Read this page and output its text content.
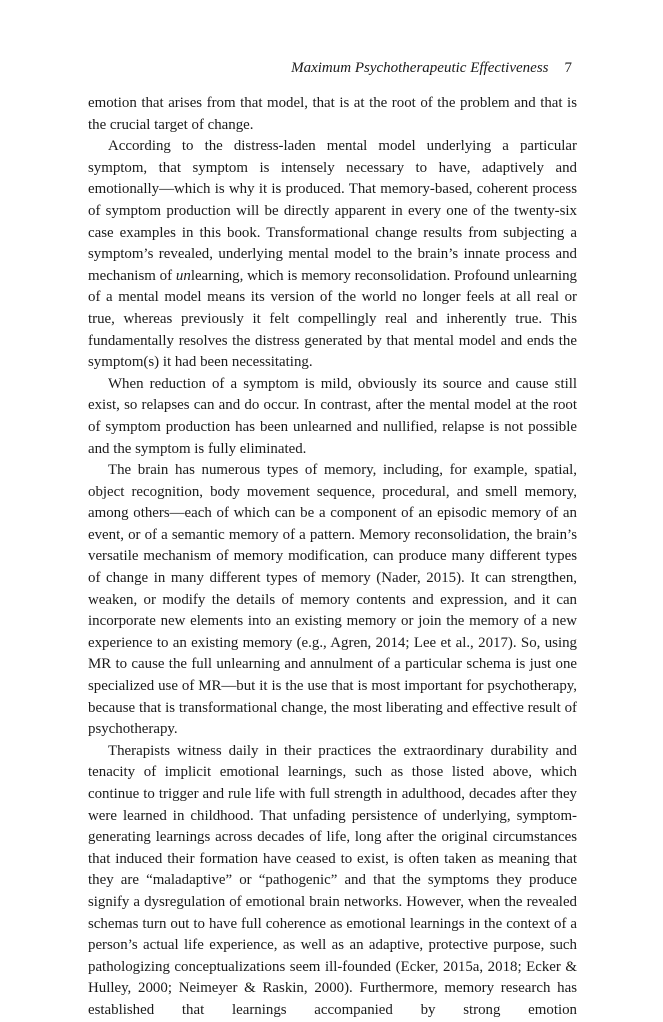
Maximum Psychotherapeutic Effectiveness 7

emotion that arises from that model, that is at the root of the problem and that is the crucial target of change.

According to the distress-laden mental model underlying a particular symptom, that symptom is intensely necessary to have, adaptively and emotionally—which is why it is produced. That memory-based, coherent process of symptom production will be directly apparent in every one of the twenty-six case examples in this book. Transformational change results from subjecting a symptom’s revealed, underlying mental model to the brain’s innate process and mechanism of unlearning, which is memory reconsolidation. Profound unlearning of a mental model means its version of the world no longer feels at all real or true, whereas previously it felt compellingly real and inherently true. This fundamentally resolves the distress generated by that mental model and ends the symptom(s) it had been necessitating.

When reduction of a symptom is mild, obviously its source and cause still exist, so relapses can and do occur. In contrast, after the mental model at the root of symptom production has been unlearned and nullified, relapse is not possible and the symptom is fully eliminated.

The brain has numerous types of memory, including, for example, spatial, object recognition, body movement sequence, procedural, and smell memory, among others—each of which can be a component of an episodic memory of an event, or of a semantic memory of a pattern. Memory reconsolidation, the brain’s versatile mechanism of memory modification, can produce many different types of change in many different types of memory (Nader, 2015). It can strengthen, weaken, or modify the details of memory contents and expression, and it can incorporate new elements into an existing memory or join the memory of a new experience to an existing memory (e.g., Agren, 2014; Lee et al., 2017). So, using MR to cause the full unlearning and annulment of a particular schema is just one specialized use of MR—but it is the use that is most important for psychotherapy, because that is transformational change, the most liberating and effective result of psychotherapy.

Therapists witness daily in their practices the extraordinary durability and tenacity of implicit emotional learnings, such as those listed above, which continue to trigger and rule life with full strength in adulthood, decades after they were learned in childhood. That unfading persistence of underlying, symptom-generating learnings across decades of life, long after the original circumstances that induced their formation have ceased to exist, is often taken as meaning that they are “maladaptive” or “pathogenic” and that the symptoms they produce signify a dysregulation of emotional brain networks. However, when the revealed schemas turn out to have full coherence as emotional learnings in the context of a person’s actual life experience, as well as an adaptive, protective purpose, such pathologizing conceptualizations seem ill-founded (Ecker, 2015a, 2018; Ecker & Hulley, 2000; Neimeyer & Raskin, 2000). Furthermore, memory research has established that learnings accompanied by strong emotion
